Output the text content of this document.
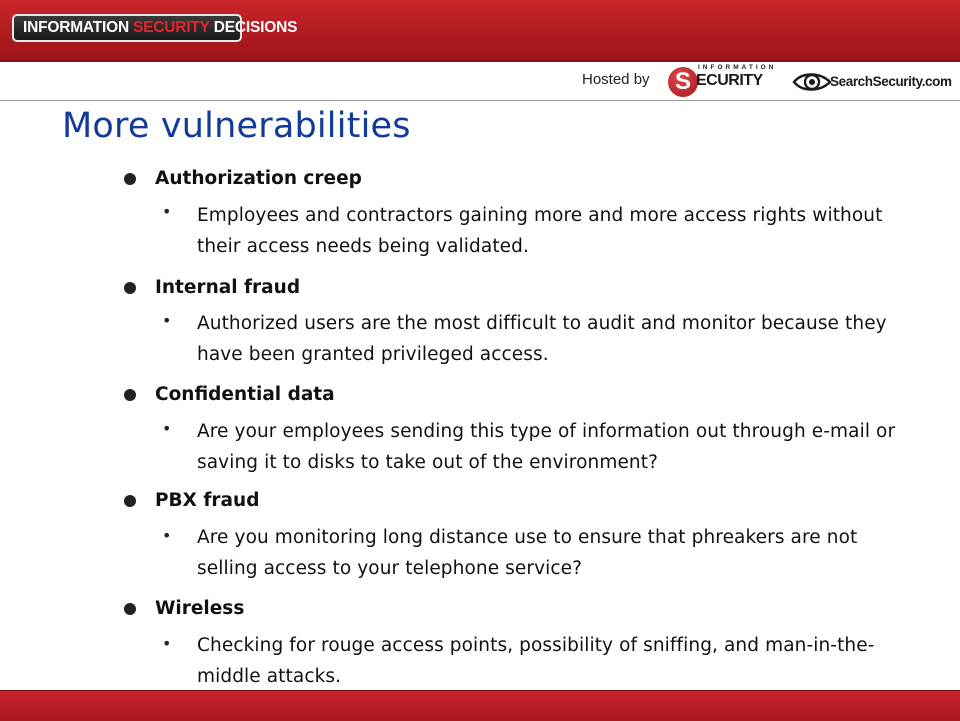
INFORMATION SECURITY DECISIONS
Hosted by
INFORMATION
S ECURITY	SearchSecurity.com
More vulnerabilities
Authorization creep
• Employees and contractors gaining more and more access rights without their access needs being validated.
Internal fraud
• Authorized users are the most difficult to audit and monitor because they have been granted privileged access.
Confidential data
• Are your employees sending this type of information out through e-mail or saving it to disks to take out of the environment?
PBX fraud
• Are you monitoring long distance use to ensure that phreakers are not selling access to your telephone service?
Wireless
• Checking for rouge access points, possibility of sniffing, and man-in-the-middle attacks.
